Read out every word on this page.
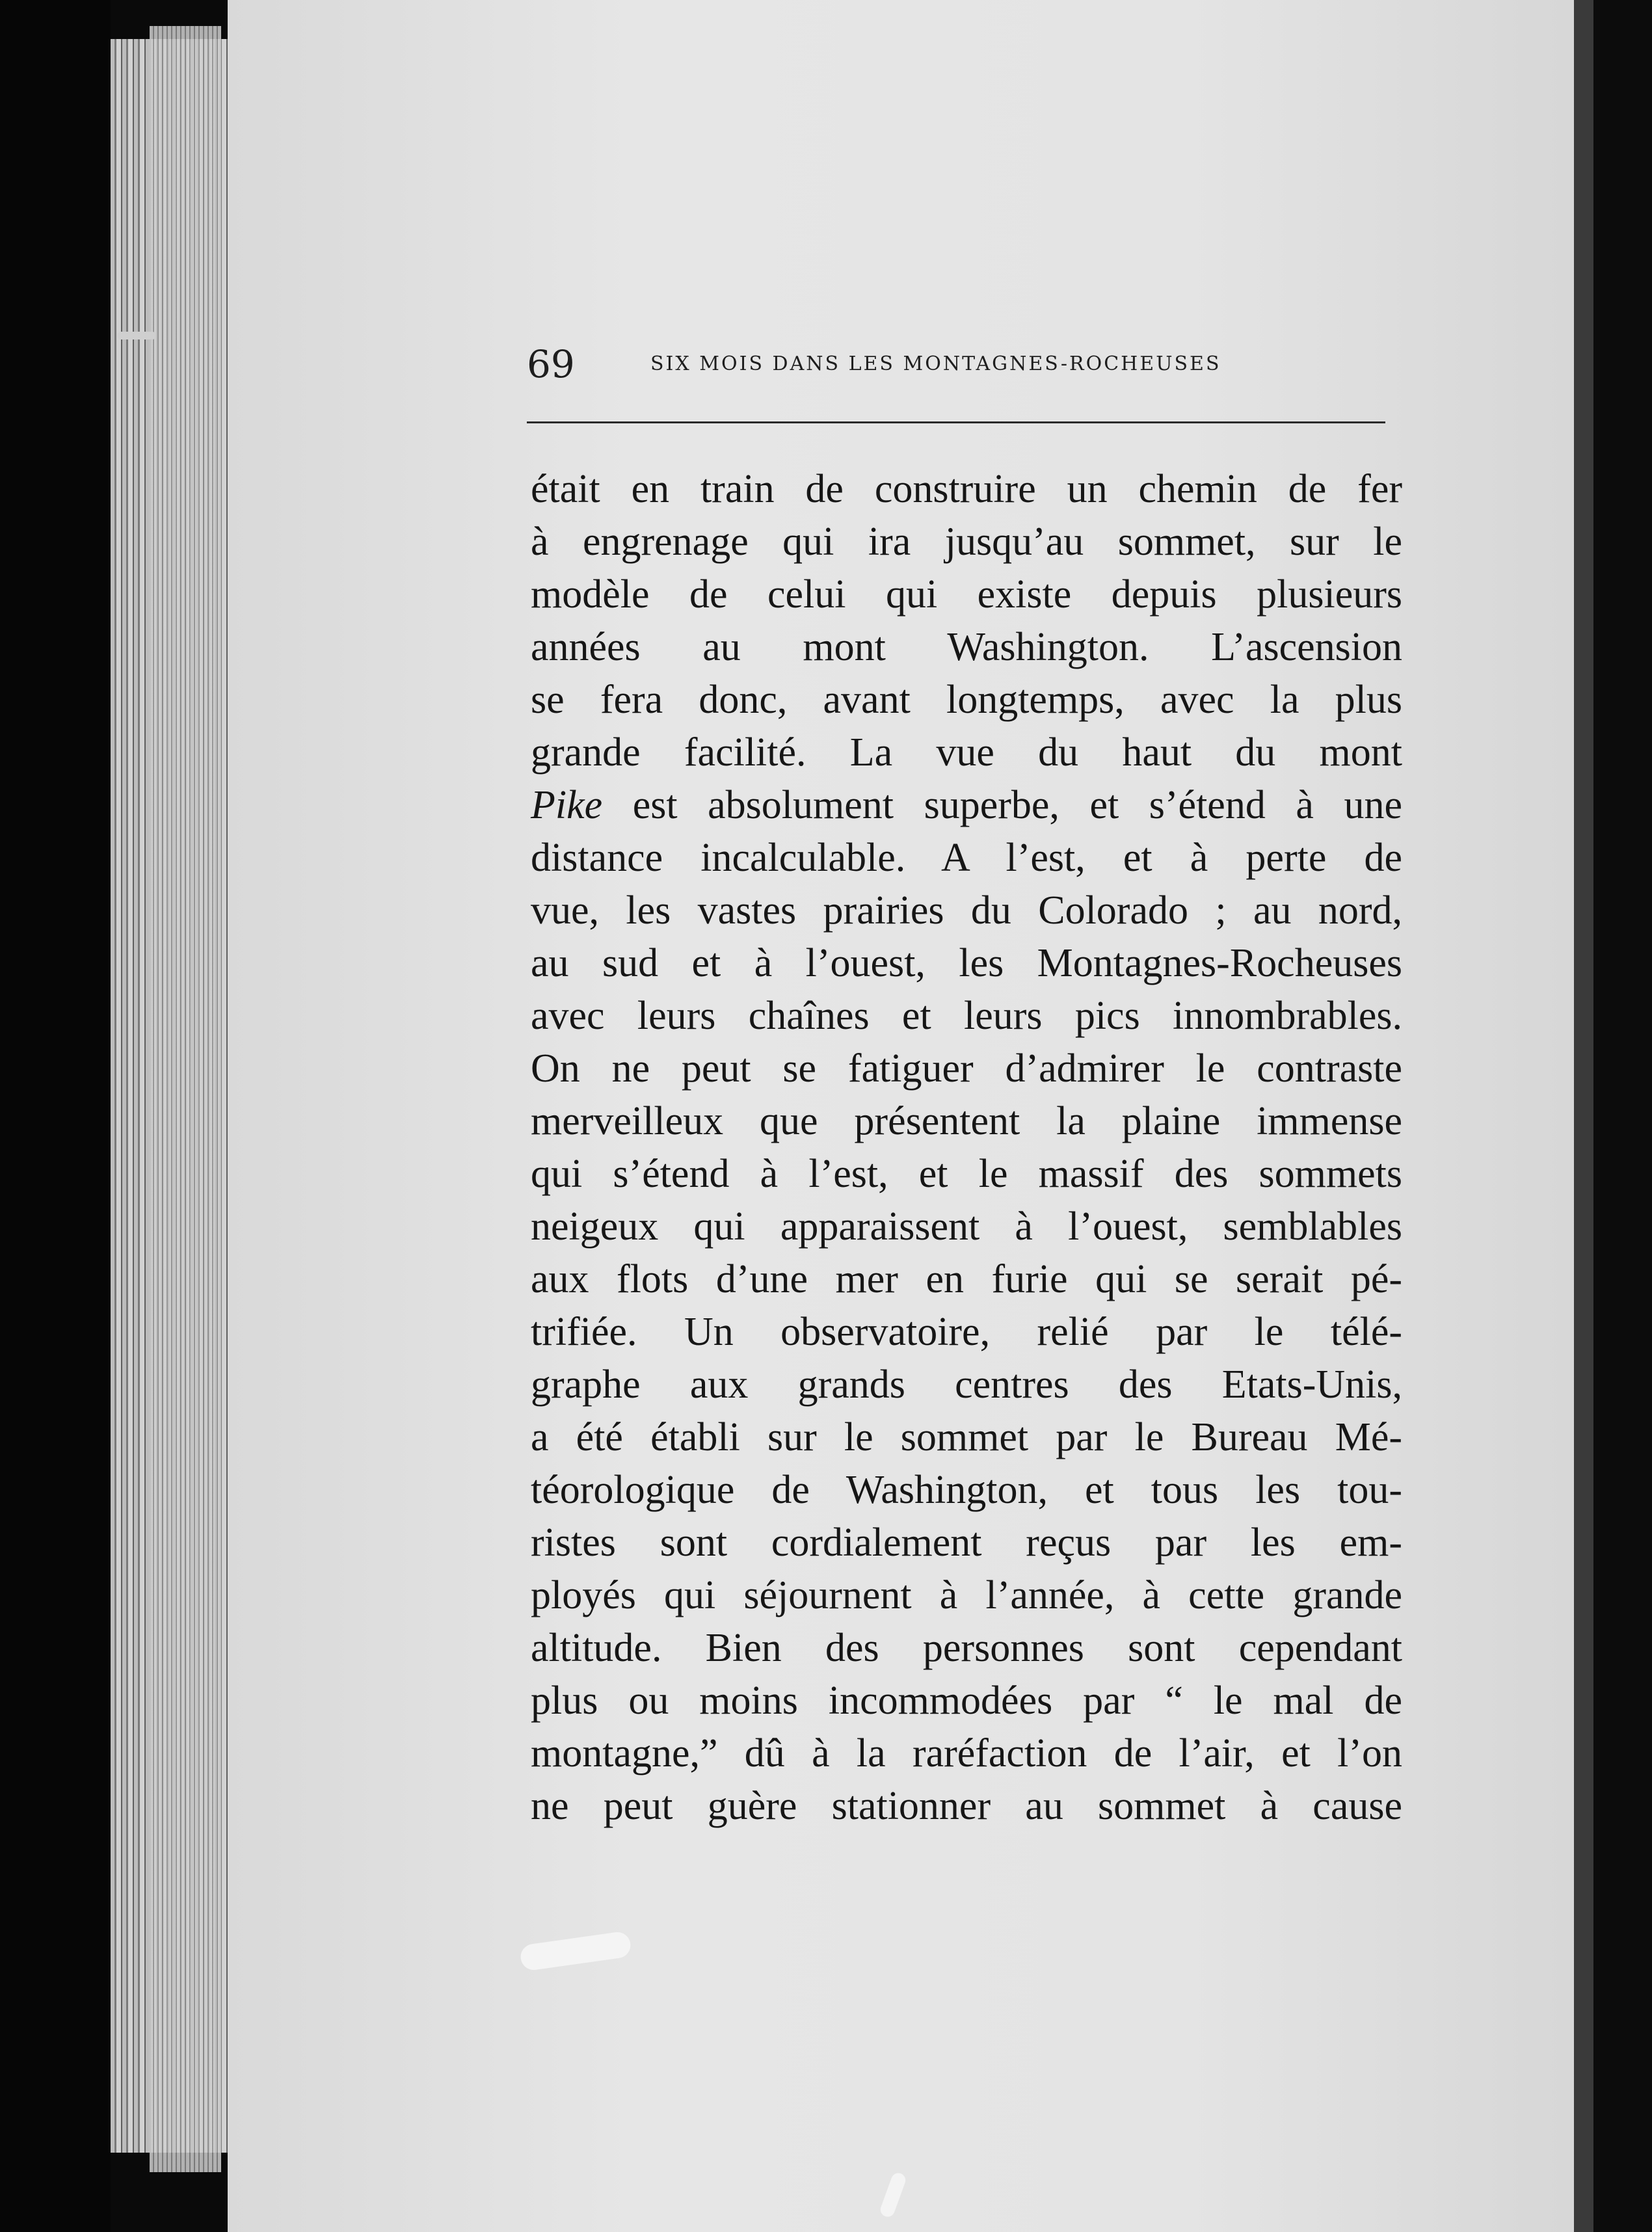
69	SIX MOIS DANS LES MONTAGNES-ROCHEUSES
était en train de construire un chemin de fer
à engrenage qui ira jusqu’au sommet, sur le
modèle de celui qui existe depuis plusieurs
années au mont Washington. L’ascension
se fera donc, avant longtemps, avec la plus
grande facilité. La vue du haut du mont
Pike est absolument superbe, et s’étend à une
distance incalculable. A l’est, et à perte de
vue, les vastes prairies du Colorado ; au nord,
au sud et à l’ouest, les Montagnes-Rocheuses
avec leurs chaînes et leurs pics innombrables.
On ne peut se fatiguer d’admirer le contraste
merveilleux que présentent la plaine immense
qui s’étend à l’est, et le massif des sommets
neigeux qui apparaissent à l’ouest, semblables
aux flots d’une mer en furie qui se serait pé-
trifiée. Un observatoire, relié par le télé-
graphe aux grands centres des Etats-Unis,
a été établi sur le sommet par le Bureau Mé-
téorologique de Washington, et tous les tou-
ristes sont cordialement reçus par les em-
ployés qui séjournent à l’année, à cette grande
altitude. Bien des personnes sont cependant
plus ou moins incommodées par “ le mal de
montagne,” dû à la raréfaction de l’air, et l’on
ne peut guère stationner au sommet à cause
